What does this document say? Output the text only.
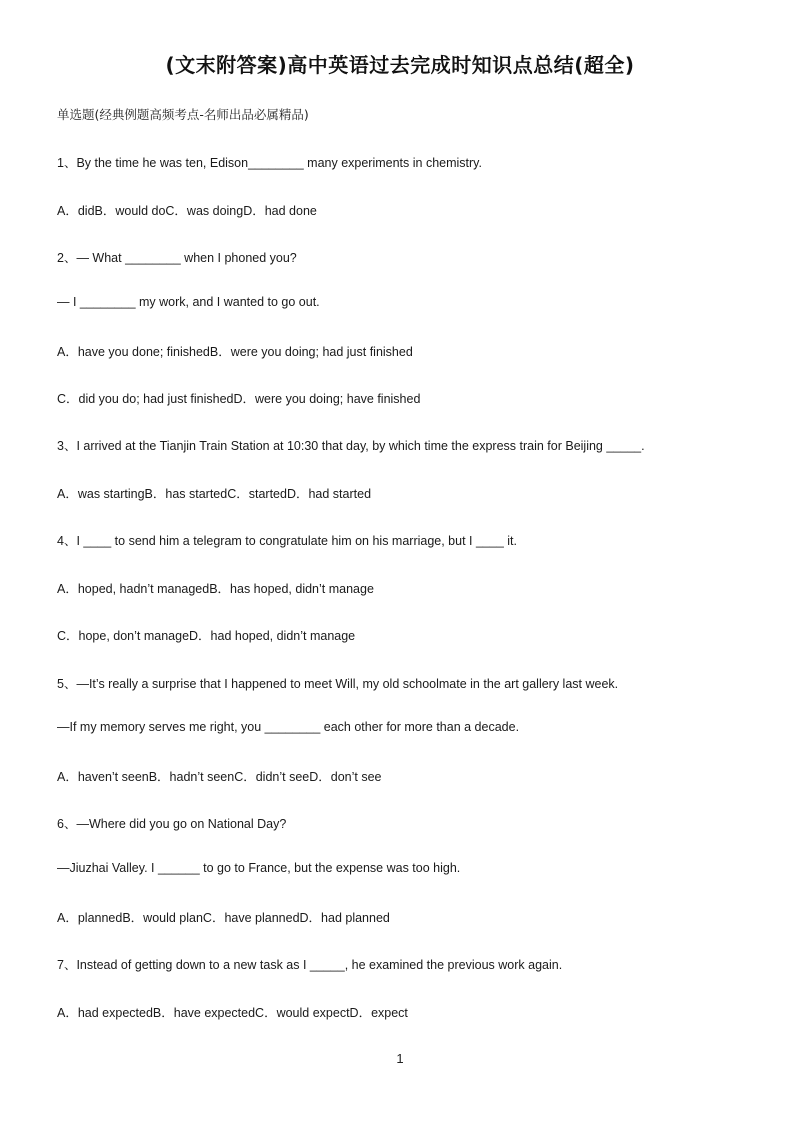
(文末附答案)高中英语过去完成时知识点总结(超全)
单选题(经典例题高频考点-名师出品必属精品)
1、By the time he was ten, Edison________ many experiments in chemistry.
A．didB．would doC．was doingD．had done
2、— What ________ when I phoned you?
— I ________ my work, and I wanted to go out.
A．have you done; finishedB．were you doing; had just finished
C．did you do; had just finishedD．were you doing; have finished
3、I arrived at the Tianjin Train Station at 10:30 that day, by which time the express train for Beijing _____.
A．was startingB．has startedC．startedD．had started
4、I ____ to send him a telegram to congratulate him on his marriage, but I ____ it.
A．hoped, hadn’t managedB．has hoped, didn’t manage
C．hope, don’t manageD．had hoped, didn’t manage
5、—It’s really a surprise that I happened to meet Will, my old schoolmate in the art gallery last week.
—If my memory serves me right, you ________ each other for more than a decade.
A．haven’t seenB．hadn’t seenC．didn’t seeD．don’t see
6、—Where did you go on National Day?
—Jiuzhai Valley. I ______ to go to France, but the expense was too high.
A．plannedB．would planC．have plannedD．had planned
7、Instead of getting down to a new task as I _____, he examined the previous work again.
A．had expectedB．have expectedC．would expectD．expect
1
